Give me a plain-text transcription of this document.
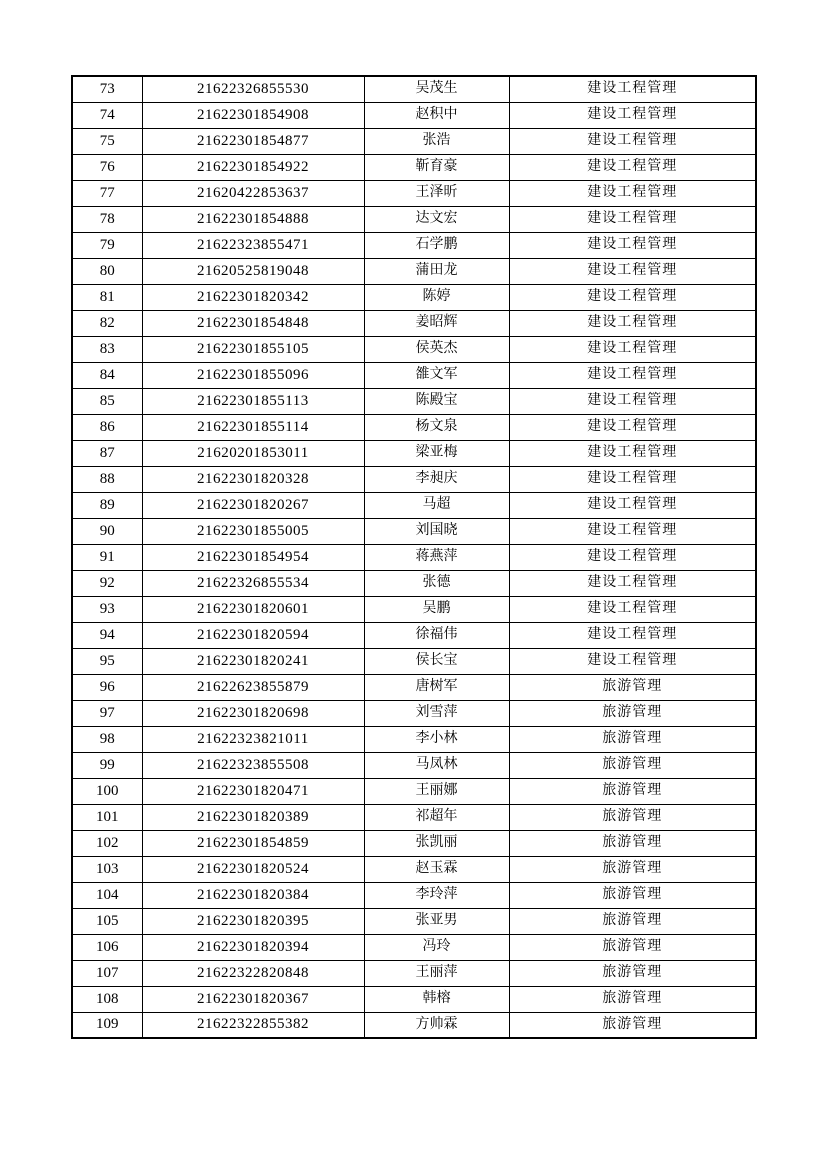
73	21622326855530	吴茂生	建设工程管理
74	21622301854908	赵积中	建设工程管理
75	21622301854877	张浩	建设工程管理
76	21622301854922	靳育豪	建设工程管理
77	21620422853637	王泽昕	建设工程管理
78	21622301854888	达文宏	建设工程管理
79	21622323855471	石学鹏	建设工程管理
80	21620525819048	蒲田龙	建设工程管理
81	21622301820342	陈婷	建设工程管理
82	21622301854848	姜昭辉	建设工程管理
83	21622301855105	侯英杰	建设工程管理
84	21622301855096	雒文军	建设工程管理
85	21622301855113	陈殿宝	建设工程管理
86	21622301855114	杨文泉	建设工程管理
87	21620201853011	梁亚梅	建设工程管理
88	21622301820328	李昶庆	建设工程管理
89	21622301820267	马超	建设工程管理
90	21622301855005	刘国晓	建设工程管理
91	21622301854954	蒋燕萍	建设工程管理
92	21622326855534	张德	建设工程管理
93	21622301820601	吴鹏	建设工程管理
94	21622301820594	徐福伟	建设工程管理
95	21622301820241	侯长宝	建设工程管理
96	21622623855879	唐树军	旅游管理
97	21622301820698	刘雪萍	旅游管理
98	21622323821011	李小林	旅游管理
99	21622323855508	马凤林	旅游管理
100	21622301820471	王丽娜	旅游管理
101	21622301820389	祁超年	旅游管理
102	21622301854859	张凯丽	旅游管理
103	21622301820524	赵玉霖	旅游管理
104	21622301820384	李玲萍	旅游管理
105	21622301820395	张亚男	旅游管理
106	21622301820394	冯玲	旅游管理
107	21622322820848	王丽萍	旅游管理
108	21622301820367	韩榕	旅游管理
109	21622322855382	方帅霖	旅游管理
